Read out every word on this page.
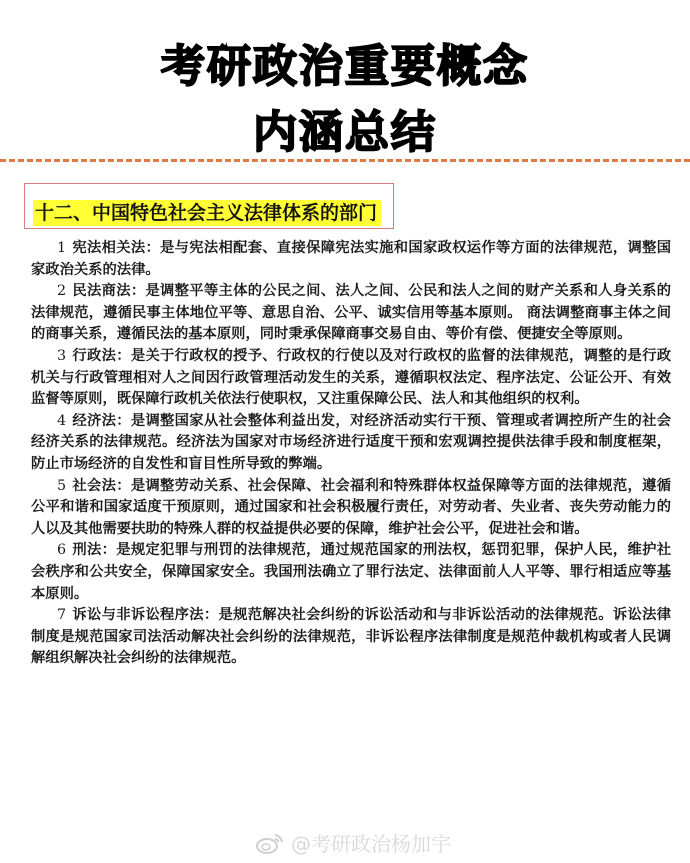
考研政治重要概念
内涵总结
十二、中国特色社会主义法律体系的部门

1 宪法相关法：是与宪法相配套、直接保障宪法实施和国家政权运作等方面的法律规范，调整国家政治关系的法律。

2 民法商法：是调整平等主体的公民之间、法人之间、公民和法人之间的财产关系和人身关系的法律规范，遵循民事主体地位平等、意思自治、公平、诚实信用等基本原则。 商法调整商事主体之间的商事关系，遵循民法的基本原则，同时秉承保障商事交易自由、等价有偿、便捷安全等原则。

3 行政法：是关于行政权的授予、行政权的行使以及对行政权的监督的法律规范，调整的是行政机关与行政管理相对人之间因行政管理活动发生的关系，遵循职权法定、程序法定、公证公开、有效监督等原则，既保障行政机关依法行使职权，又注重保障公民、法人和其他组织的权利。

4 经济法：是调整国家从社会整体利益出发，对经济活动实行干预、管理或者调控所产生的社会经济关系的法律规范。经济法为国家对市场经济进行适度干预和宏观调控提供法律手段和制度框架，防止市场经济的自发性和盲目性所导致的弊端。

5 社会法：是调整劳动关系、社会保障、社会福利和特殊群体权益保障等方面的法律规范，遵循公平和谐和国家适度干预原则，通过国家和社会积极履行责任，对劳动者、失业者、丧失劳动能力的人以及其他需要扶助的特殊人群的权益提供必要的保障，维护社会公平，促进社会和谐。

6 刑法：是规定犯罪与刑罚的法律规范，通过规范国家的刑法权，惩罚犯罪，保护人民，维护社会秩序和公共安全，保障国家安全。我国刑法确立了罪行法定、法律面前人人平等、罪行相适应等基本原则。

7 诉讼与非诉讼程序法：是规范解决社会纠纷的诉讼活动和与非诉讼活动的法律规范。诉讼法律制度是规范国家司法活动解决社会纠纷的法律规范，非诉讼程序法律制度是规范仲裁机构或者人民调解组织解决社会纠纷的法律规范。

@考研政治杨加宇
